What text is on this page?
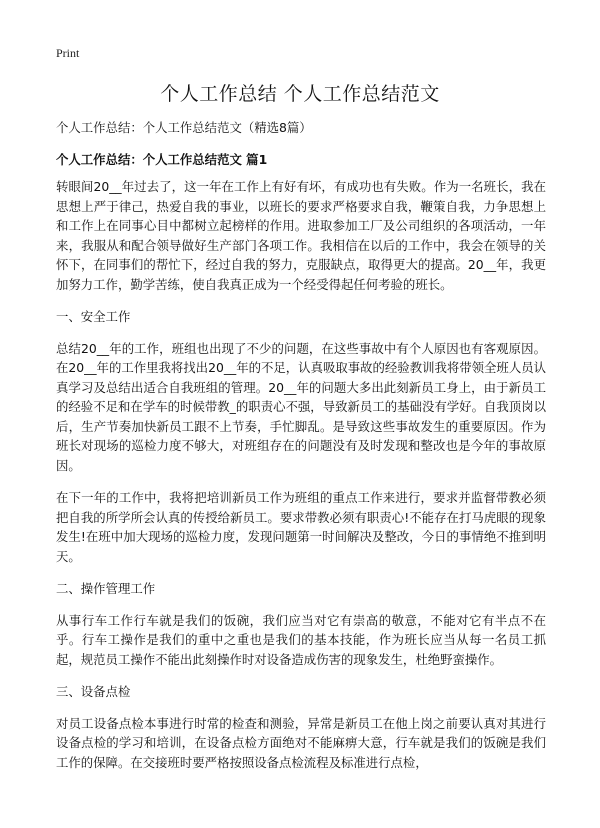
Print
个人工作总结 个人工作总结范文

个人工作总结：个人工作总结范文（精选8篇）

个人工作总结：个人工作总结范文 篇1

转眼间20__年过去了，这一年在工作上有好有坏，有成功也有失败。作为一名班长，我在思想上严于律己，热爱自我的事业，以班长的要求严格要求自我，鞭策自我，力争思想上和工作上在同事心目中都树立起榜样的作用。进取参加工厂及公司组织的各项活动，一年来，我服从和配合领导做好生产部门各项工作。我相信在以后的工作中，我会在领导的关怀下，在同事们的帮忙下，经过自我的努力，克服缺点，取得更大的提高。20__年，我更加努力工作，勤学苦练，使自我真正成为一个经受得起任何考验的班长。

一、安全工作

总结20__年的工作，班组也出现了不少的问题，在这些事故中有个人原因也有客观原因。在20__年的工作里我将找出20__年的不足，认真吸取事故的经验教训我将带领全班人员认真学习及总结出适合自我班组的管理。20__年的问题大多出此刻新员工身上，由于新员工的经验不足和在学车的时候带教_的职责心不强，导致新员工的基础没有学好。自我顶岗以后，生产节奏加快新员工跟不上节奏，手忙脚乱。是导致这些事故发生的重要原因。作为班长对现场的巡检力度不够大，对班组存在的问题没有及时发现和整改也是今年的事故原因。

在下一年的工作中，我将把培训新员工作为班组的重点工作来进行，要求并监督带教必须把自我的所学所会认真的传授给新员工。要求带教必须有职责心!不能存在打马虎眼的现象发生!在班中加大现场的巡检力度，发现问题第一时间解决及整改，今日的事情绝不推到明天。

二、操作管理工作

从事行车工作行车就是我们的饭碗，我们应当对它有崇高的敬意，不能对它有半点不在乎。行车工操作是我们的重中之重也是我们的基本技能，作为班长应当从每一名员工抓起，规范员工操作不能出此刻操作时对设备造成伤害的现象发生，杜绝野蛮操作。

三、设备点检

对员工设备点检本事进行时常的检查和测验，异常是新员工在他上岗之前要认真对其进行设备点检的学习和培训，在设备点检方面绝对不能麻痹大意，行车就是我们的饭碗是我们工作的保障。在交接班时要严格按照设备点检流程及标准进行点检，
